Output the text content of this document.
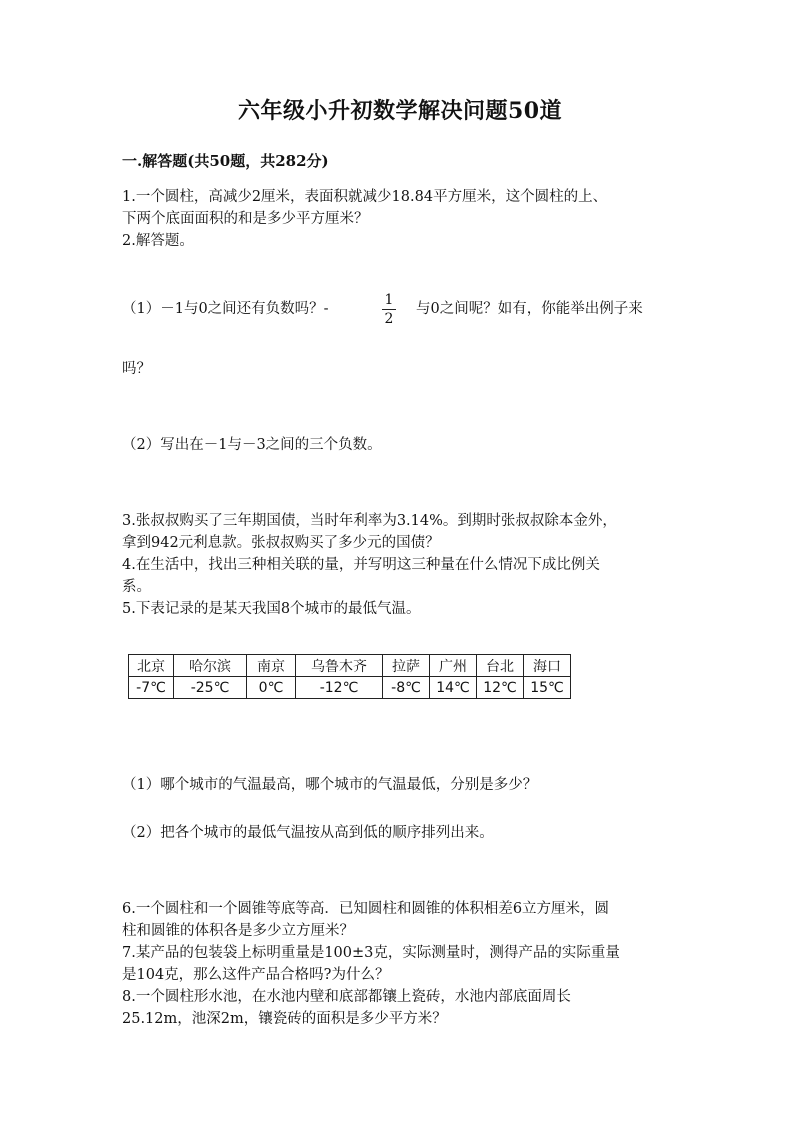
六年级小升初数学解决问题50道
一.解答题(共50题，共282分)
1.一个圆柱，高减少2厘米，表面积就减少18.84平方厘米，这个圆柱的上、
下两个底面面积的和是多少平方厘米？
2.解答题。
（1）－1与0之间还有负数吗？-
1
2
与0之间呢？如有，你能举出例子来
吗？
（2）写出在－1与－3之间的三个负数。
3.张叔叔购买了三年期国债，当时年利率为3.14%。到期时张叔叔除本金外，
拿到942元利息款。张叔叔购买了多少元的国债？
4.在生活中，找出三种相关联的量，并写明这三种量在什么情况下成比例关
系。
5.下表记录的是某天我国8个城市的最低气温。
北京	哈尔滨	南京	乌鲁木齐	拉萨	广州	台北	海口
-7℃	-25℃	0℃	-12℃	-8℃	14℃	12℃	15℃
（1）哪个城市的气温最高，哪个城市的气温最低，分别是多少？
（2）把各个城市的最低气温按从高到低的顺序排列出来。
6.一个圆柱和一个圆锥等底等高．已知圆柱和圆锥的体积相差6立方厘米，圆
柱和圆锥的体积各是多少立方厘米？
7.某产品的包装袋上标明重量是100±3克，实际测量时，测得产品的实际重量
是104克，那么这件产品合格吗?为什么？
8.一个圆柱形水池，在水池内壁和底部都镶上瓷砖，水池内部底面周长
25.12m，池深2m，镶瓷砖的面积是多少平方米？
